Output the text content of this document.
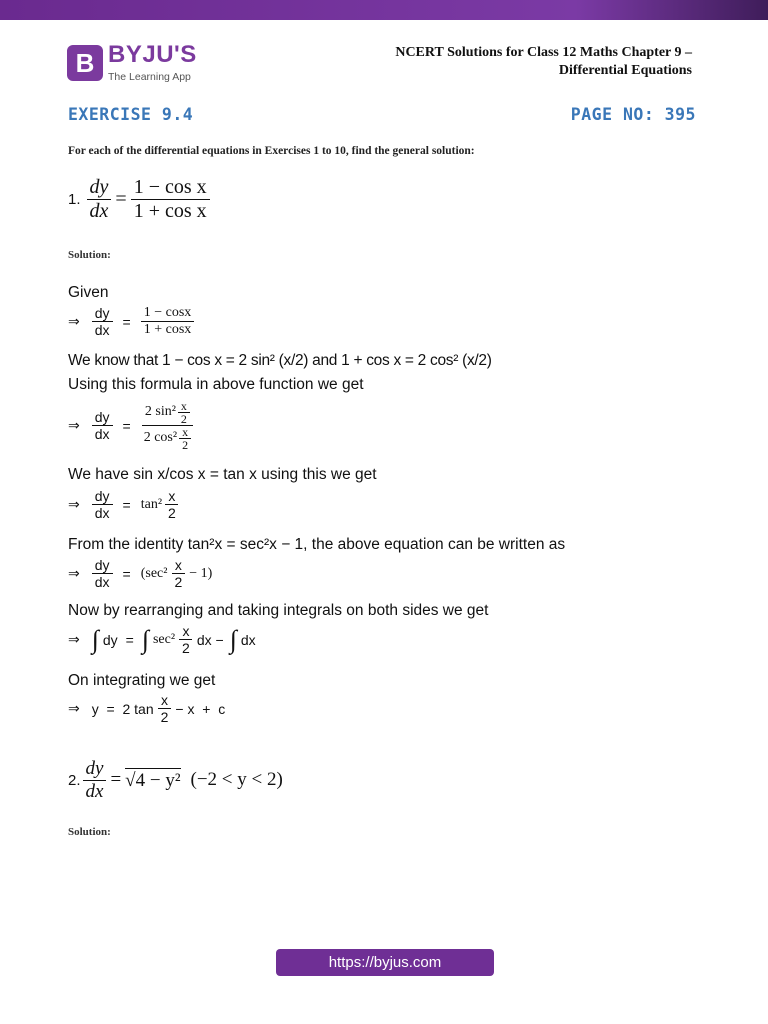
B BYJU'S
The Learning App
NCERT Solutions for Class 12 Maths Chapter 9 –
Differential Equations
EXERCISE 9.4	PAGE NO: 395
For each of the differential equations in Exercises 1 to 10, find the general solution:
1. $\frac{dy}{dx} = \frac{\text{1 − cos x}}{\text{1 + cos x}}$
Solution:
Given
⇒ $\frac{dy}{dx} = \frac{1 - \cos x}{1 + \cos x}$
We know that 1 − cos x = 2 sin² (x/2) and 1 + cos x = 2 cos² (x/2)
Using this formula in above function we get
⇒ $\frac{dy}{dx} = \frac{2 \sin^2 \frac{x}{2}}{2 \cos^2 \frac{x}{2}}$
We have sin x/cos x = tan x using this we get
⇒ $\frac{dy}{dx} = \tan^2 \frac{x}{2}$
From the identity tan²x = sec²x − 1, the above equation can be written as
⇒ $\frac{dy}{dx} = (\sec^2 \frac{x}{2} - 1)$
Now by rearranging and taking integrals on both sides we get
⇒ ∫ dy = ∫ $\sec^2 \frac{x}{2}$ dx − ∫ dx
On integrating we get
⇒ y  =  2 $\tan \frac{x}{2} - x + c$
2. $\frac{dy}{dx} = √4 - y^2$ (−2 < y < 2)
Solution:
https://byjus.com
